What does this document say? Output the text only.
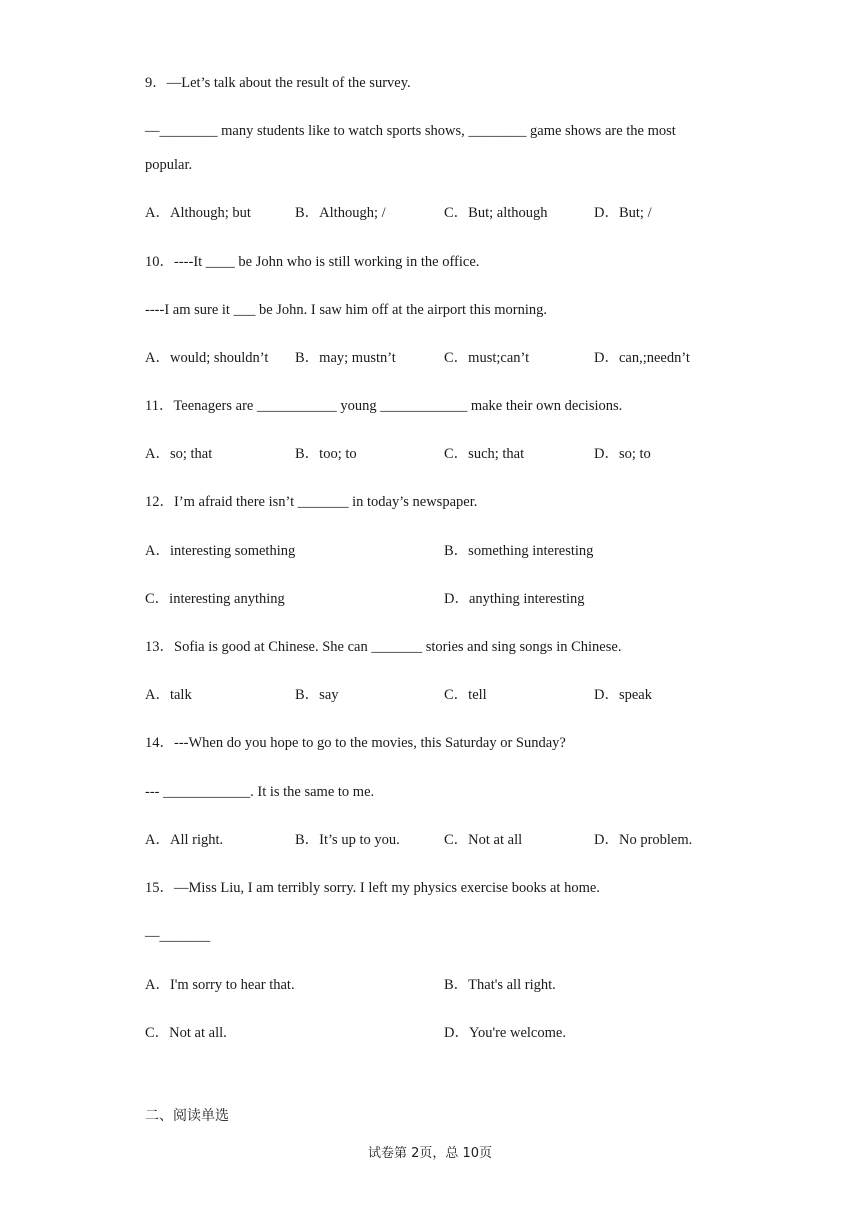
9．—Let’s talk about the result of the survey.
—________ many students like to watch sports shows, ________ game shows are the most
popular.
A．Although; but	B．Although; /	C．But; although	D．But; /
10．----It ____ be John who is still working in the office.
----I am sure it ___ be John. I saw him off at the airport this morning.
A．would; shouldn’t B．may; mustn’t	C．must;can’t	D．can,;needn’t
11．Teenagers are ___________ young ____________ make their own decisions.
A．so; that	B．too; to	C．such; that	D．so; to
12．I’m afraid there isn’t _______ in today’s newspaper.
A．interesting something	B．something interesting
C．interesting anything	D．anything interesting
13．Sofia is good at Chinese. She can _______ stories and sing songs in Chinese.
A．talk	B．say	C．tell	D．speak
14．---When do you hope to go to the movies, this Saturday or Sunday?
--- ____________. It is the same to me.
A．All right.	B．It’s up to you.	C．Not at all	D．No problem.
15．—Miss Liu, I am terribly sorry. I left my physics exercise books at home.
—_______
A．I'm sorry to hear that.	B．That's all right.
C．Not at all.	D．You're welcome.
二、阅读单选
试卷第 2页，总 10页
